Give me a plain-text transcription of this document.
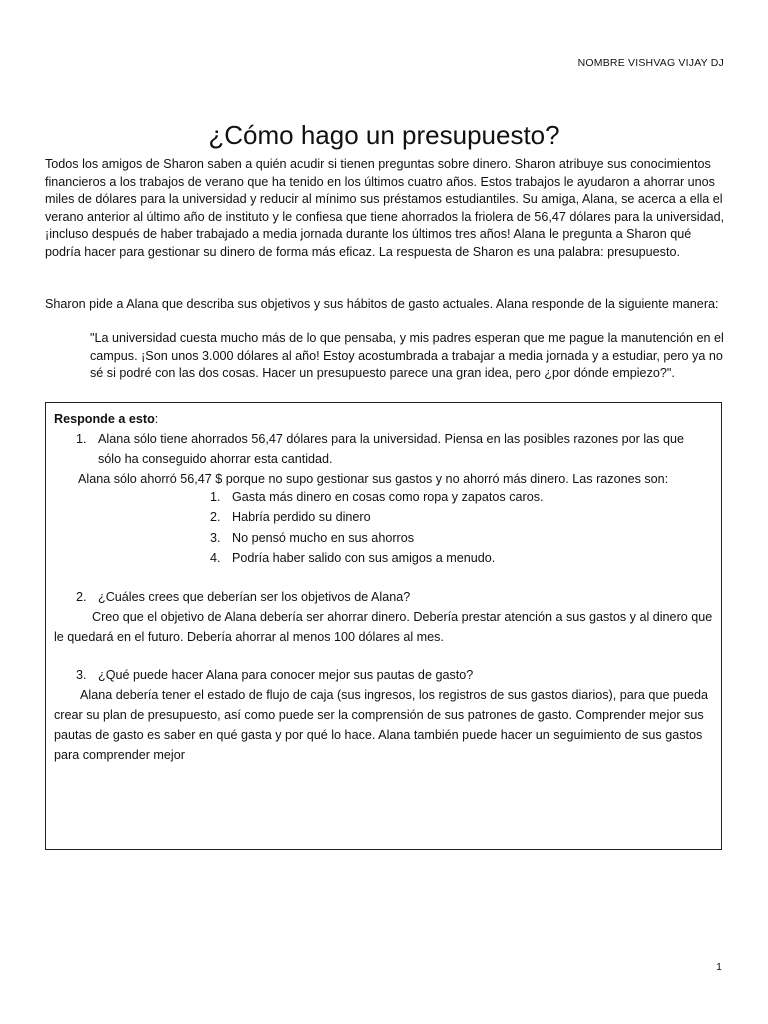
NOMBRE VISHVAG VIJAY DJ
¿Cómo hago un presupuesto?

Todos los amigos de Sharon saben a quién acudir si tienen preguntas sobre dinero. Sharon atribuye sus conocimientos financieros a los trabajos de verano que ha tenido en los últimos cuatro años. Estos trabajos le ayudaron a ahorrar unos miles de dólares para la universidad y reducir al mínimo sus préstamos estudiantiles. Su amiga, Alana, se acerca a ella el verano anterior al último año de instituto y le confiesa que tiene ahorrados la friolera de 56,47 dólares para la universidad, ¡incluso después de haber trabajado a media jornada durante los últimos tres años! Alana le pregunta a Sharon qué podría hacer para gestionar su dinero de forma más eficaz. La respuesta de Sharon es una palabra: presupuesto.

Sharon pide a Alana que describa sus objetivos y sus hábitos de gasto actuales. Alana responde de la siguiente manera:

"La universidad cuesta mucho más de lo que pensaba, y mis padres esperan que me pague la manutención en el campus. ¡Son unos 3.000 dólares al año! Estoy acostumbrada a trabajar a media jornada y a estudiar, pero ya no sé si podré con las dos cosas. Hacer un presupuesto parece una gran idea, pero ¿por dónde empiezo?".

Responde a esto:

1. Alana sólo tiene ahorrados 56,47 dólares para la universidad. Piensa en las posibles razones por las que sólo ha conseguido ahorrar esta cantidad.

Alana sólo ahorró 56,47 $ porque no supo gestionar sus gastos y no ahorró más dinero. Las razones son:

1. Gasta más dinero en cosas como ropa y zapatos caros.
2. Habría perdido su dinero
3. No pensó mucho en sus ahorros
4. Podría haber salido con sus amigos a menudo.
2. ¿Cuáles crees que deberían ser los objetivos de Alana?

Creo que el objetivo de Alana debería ser ahorrar dinero. Debería prestar atención a sus gastos y al dinero que le quedará en el futuro. Debería ahorrar al menos 100 dólares al mes.

3. ¿Qué puede hacer Alana para conocer mejor sus pautas de gasto?

Alana debería tener el estado de flujo de caja (sus ingresos, los registros de sus gastos diarios), para que pueda crear su plan de presupuesto, así como puede ser la comprensión de sus patrones de gasto. Comprender mejor sus pautas de gasto es saber en qué gasta y por qué lo hace. Alana también puede hacer un seguimiento de sus gastos para comprender mejor

1
